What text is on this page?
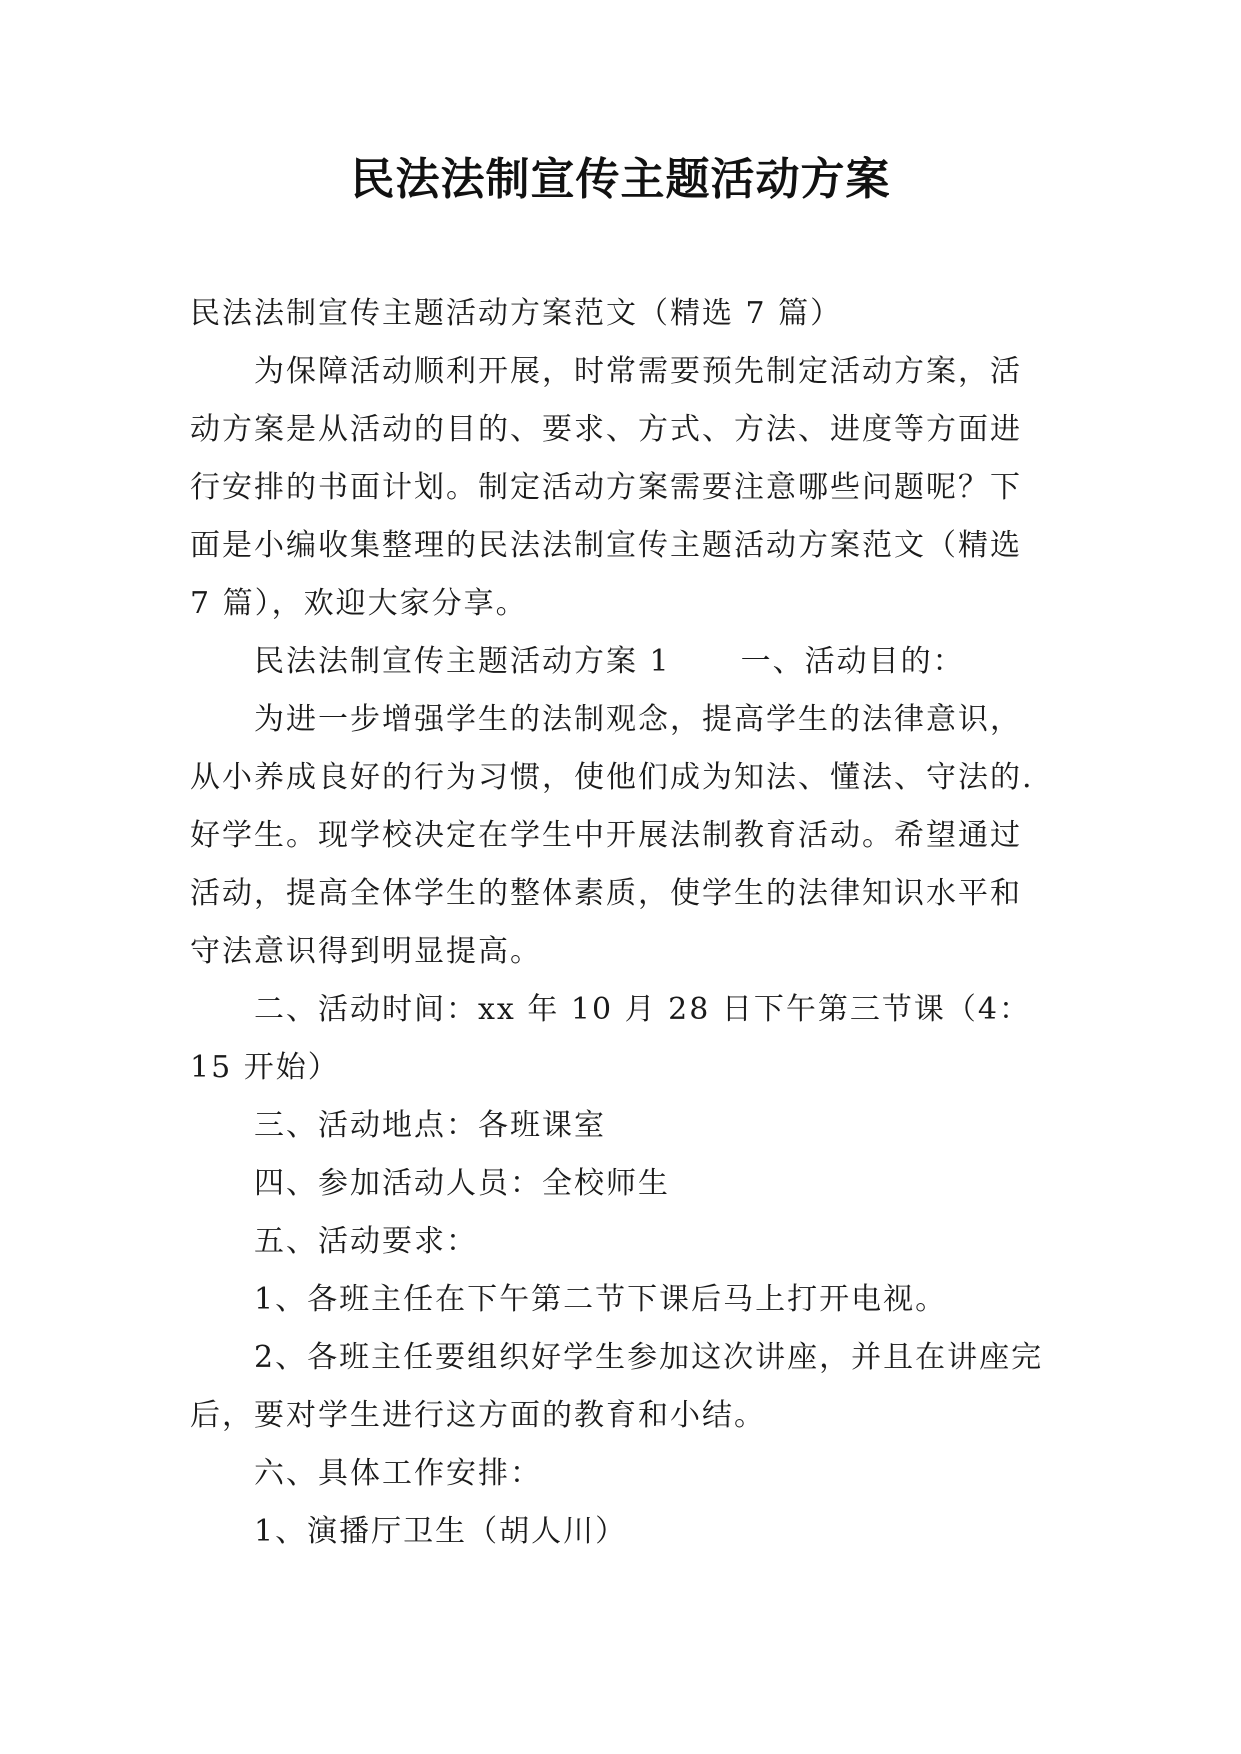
民法法制宣传主题活动方案

民法法制宣传主题活动方案范文（精选 7 篇）

为保障活动顺利开展，时常需要预先制定活动方案，活动方案是从活动的目的、要求、方式、方法、进度等方面进行安排的书面计划。制定活动方案需要注意哪些问题呢？下面是小编收集整理的民法法制宣传主题活动方案范文（精选 7 篇），欢迎大家分享。

民法法制宣传主题活动方案 1 一、活动目的：

为进一步增强学生的法制观念，提高学生的法律意识，从小养成良好的行为习惯，使他们成为知法、懂法、守法的.好学生。现学校决定在学生中开展法制教育活动。希望通过活动，提高全体学生的整体素质，使学生的法律知识水平和守法意识得到明显提高。

二、活动时间：xx 年 10 月 28 日下午第三节课（4：15 开始）

三、活动地点：各班课室

四、参加活动人员：全校师生

五、活动要求：

1、各班主任在下午第二节下课后马上打开电视。

2、各班主任要组织好学生参加这次讲座，并且在讲座完后，要对学生进行这方面的教育和小结。

六、具体工作安排：

1、演播厅卫生（胡人川）
